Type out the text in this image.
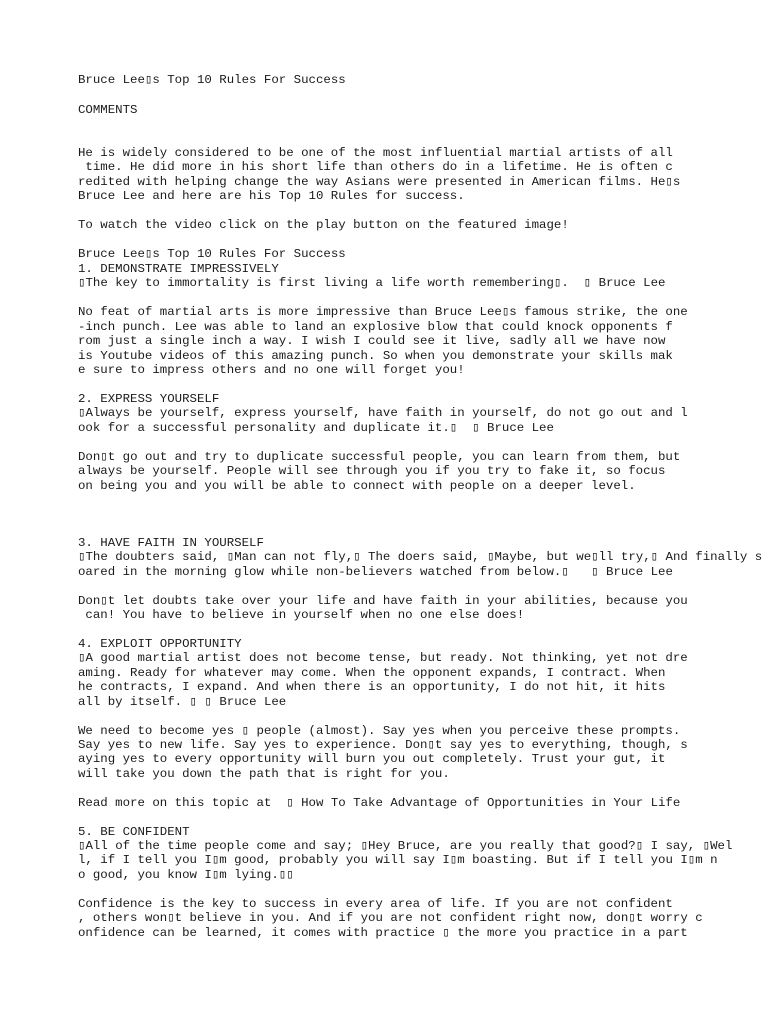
Bruce Lee▯s Top 10 Rules For Success
COMMENTS
He is widely considered to be one of the most influential martial artists of all
time. He did more in his short life than others do in a lifetime. He is often c
redited with helping change the way Asians were presented in American films. He▯s
Bruce Lee and here are his Top 10 Rules for success.
To watch the video click on the play button on the featured image!
Bruce Lee▯s Top 10 Rules For Success
1. DEMONSTRATE IMPRESSIVELY
▯The key to immortality is first living a life worth remembering▯.  ▯ Bruce Lee
No feat of martial arts is more impressive than Bruce Lee▯s famous strike, the one
-inch punch. Lee was able to land an explosive blow that could knock opponents f
rom just a single inch a way. I wish I could see it live, sadly all we have now
is Youtube videos of this amazing punch. So when you demonstrate your skills mak
e sure to impress others and no one will forget you!
2. EXPRESS YOURSELF
▯Always be yourself, express yourself, have faith in yourself, do not go out and l
ook for a successful personality and duplicate it.▯  ▯ Bruce Lee
Don▯t go out and try to duplicate successful people, you can learn from them, but
always be yourself. People will see through you if you try to fake it, so focus
on being you and you will be able to connect with people on a deeper level.
3. HAVE FAITH IN YOURSELF
▯The doubters said, ▯Man can not fly,▯ The doers said, ▯Maybe, but we▯ll try,▯ And finally s
oared in the morning glow while non-believers watched from below.▯   ▯ Bruce Lee
Don▯t let doubts take over your life and have faith in your abilities, because you
can! You have to believe in yourself when no one else does!
4. EXPLOIT OPPORTUNITY
▯A good martial artist does not become tense, but ready. Not thinking, yet not dre
aming. Ready for whatever may come. When the opponent expands, I contract. When
he contracts, I expand. And when there is an opportunity, I do not hit, it hits
all by itself. ▯ ▯ Bruce Lee
We need to become yes ▯ people (almost). Say yes when you perceive these prompts.
Say yes to new life. Say yes to experience. Don▯t say yes to everything, though, s
aying yes to every opportunity will burn you out completely. Trust your gut, it
will take you down the path that is right for you.
Read more on this topic at  ▯ How To Take Advantage of Opportunities in Your Life
5. BE CONFIDENT
▯All of the time people come and say; ▯Hey Bruce, are you really that good?▯ I say, ▯Wel
l, if I tell you I▯m good, probably you will say I▯m boasting. But if I tell you I▯m n
o good, you know I▯m lying.▯▯
Confidence is the key to success in every area of life. If you are not confident
, others won▯t believe in you. And if you are not confident right now, don▯t worry c
onfidence can be learned, it comes with practice ▯ the more you practice in a part
